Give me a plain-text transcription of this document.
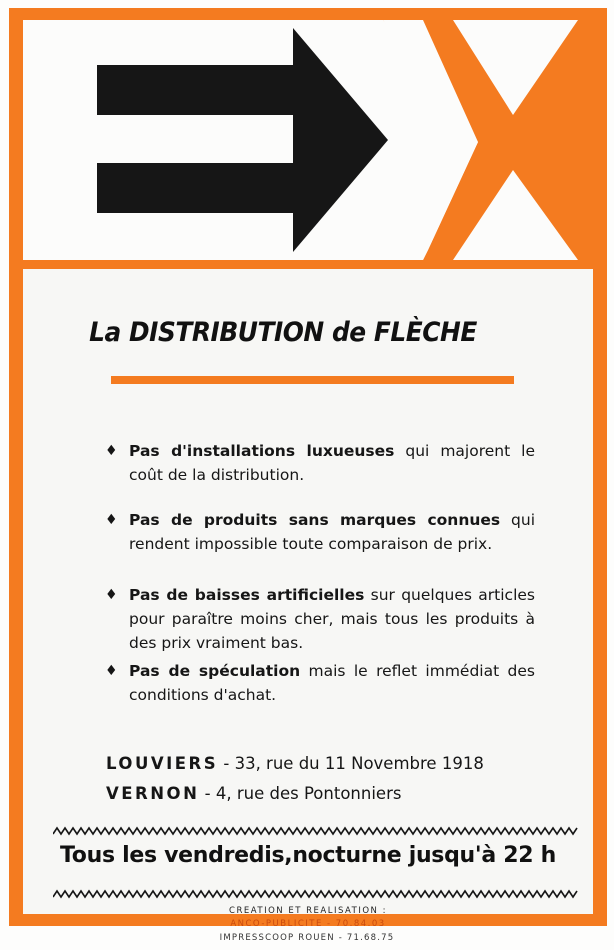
La DISTRIBUTION de FLÈCHE
♦ Pas d'installations luxueuses qui majorent le coût de la distribution.
♦ Pas de produits sans marques connues qui rendent impossible toute comparaison de prix.
♦ Pas de baisses artificielles sur quelques articles pour paraître moins cher, mais tous les produits à des prix vraiment bas.
♦ Pas de spéculation mais le reflet immédiat des conditions d'achat.
LOUVIERS - 33, rue du 11 Novembre 1918
VERNON - 4, rue des Pontonniers
Tous les vendredis,nocturne jusqu'à 22 h
CREATION ET REALISATION :
ANCO-PUBLICITE - 70.84.03
IMPRESSCOOP ROUEN - 71.68.75
